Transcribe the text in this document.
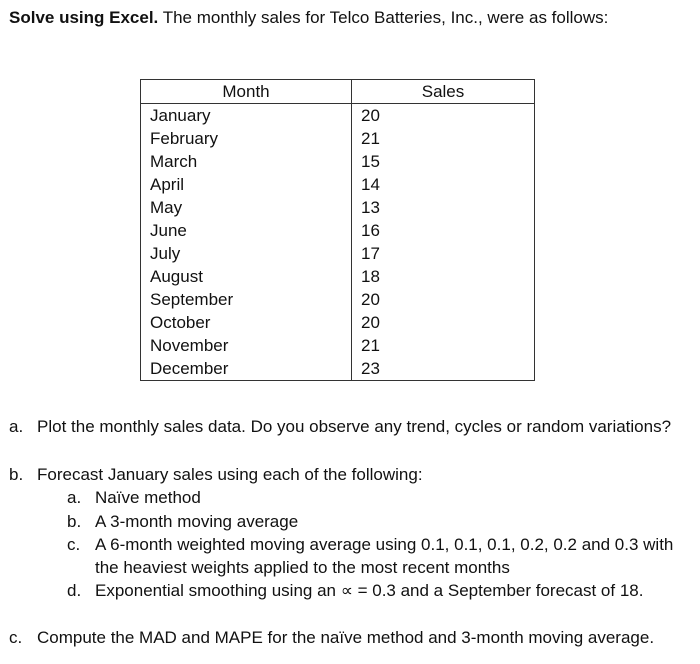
Solve using Excel. The monthly sales for Telco Batteries, Inc., were as follows:
Month	Sales
January	20
February	21
March	15
April	14
May	13
June	16
July	17
August	18
September	20
October	20
November	21
December	23
a. Plot the monthly sales data. Do you observe any trend, cycles or random variations?
b. Forecast January sales using each of the following:
a. Naïve method
b. A 3-month moving average
c. A 6-month weighted moving average using 0.1, 0.1, 0.1, 0.2, 0.2 and 0.3 with
the heaviest weights applied to the most recent months
d. Exponential smoothing using an ∝ = 0.3 and a September forecast of 18.
c. Compute the MAD and MAPE for the naïve method and 3-month moving average.
